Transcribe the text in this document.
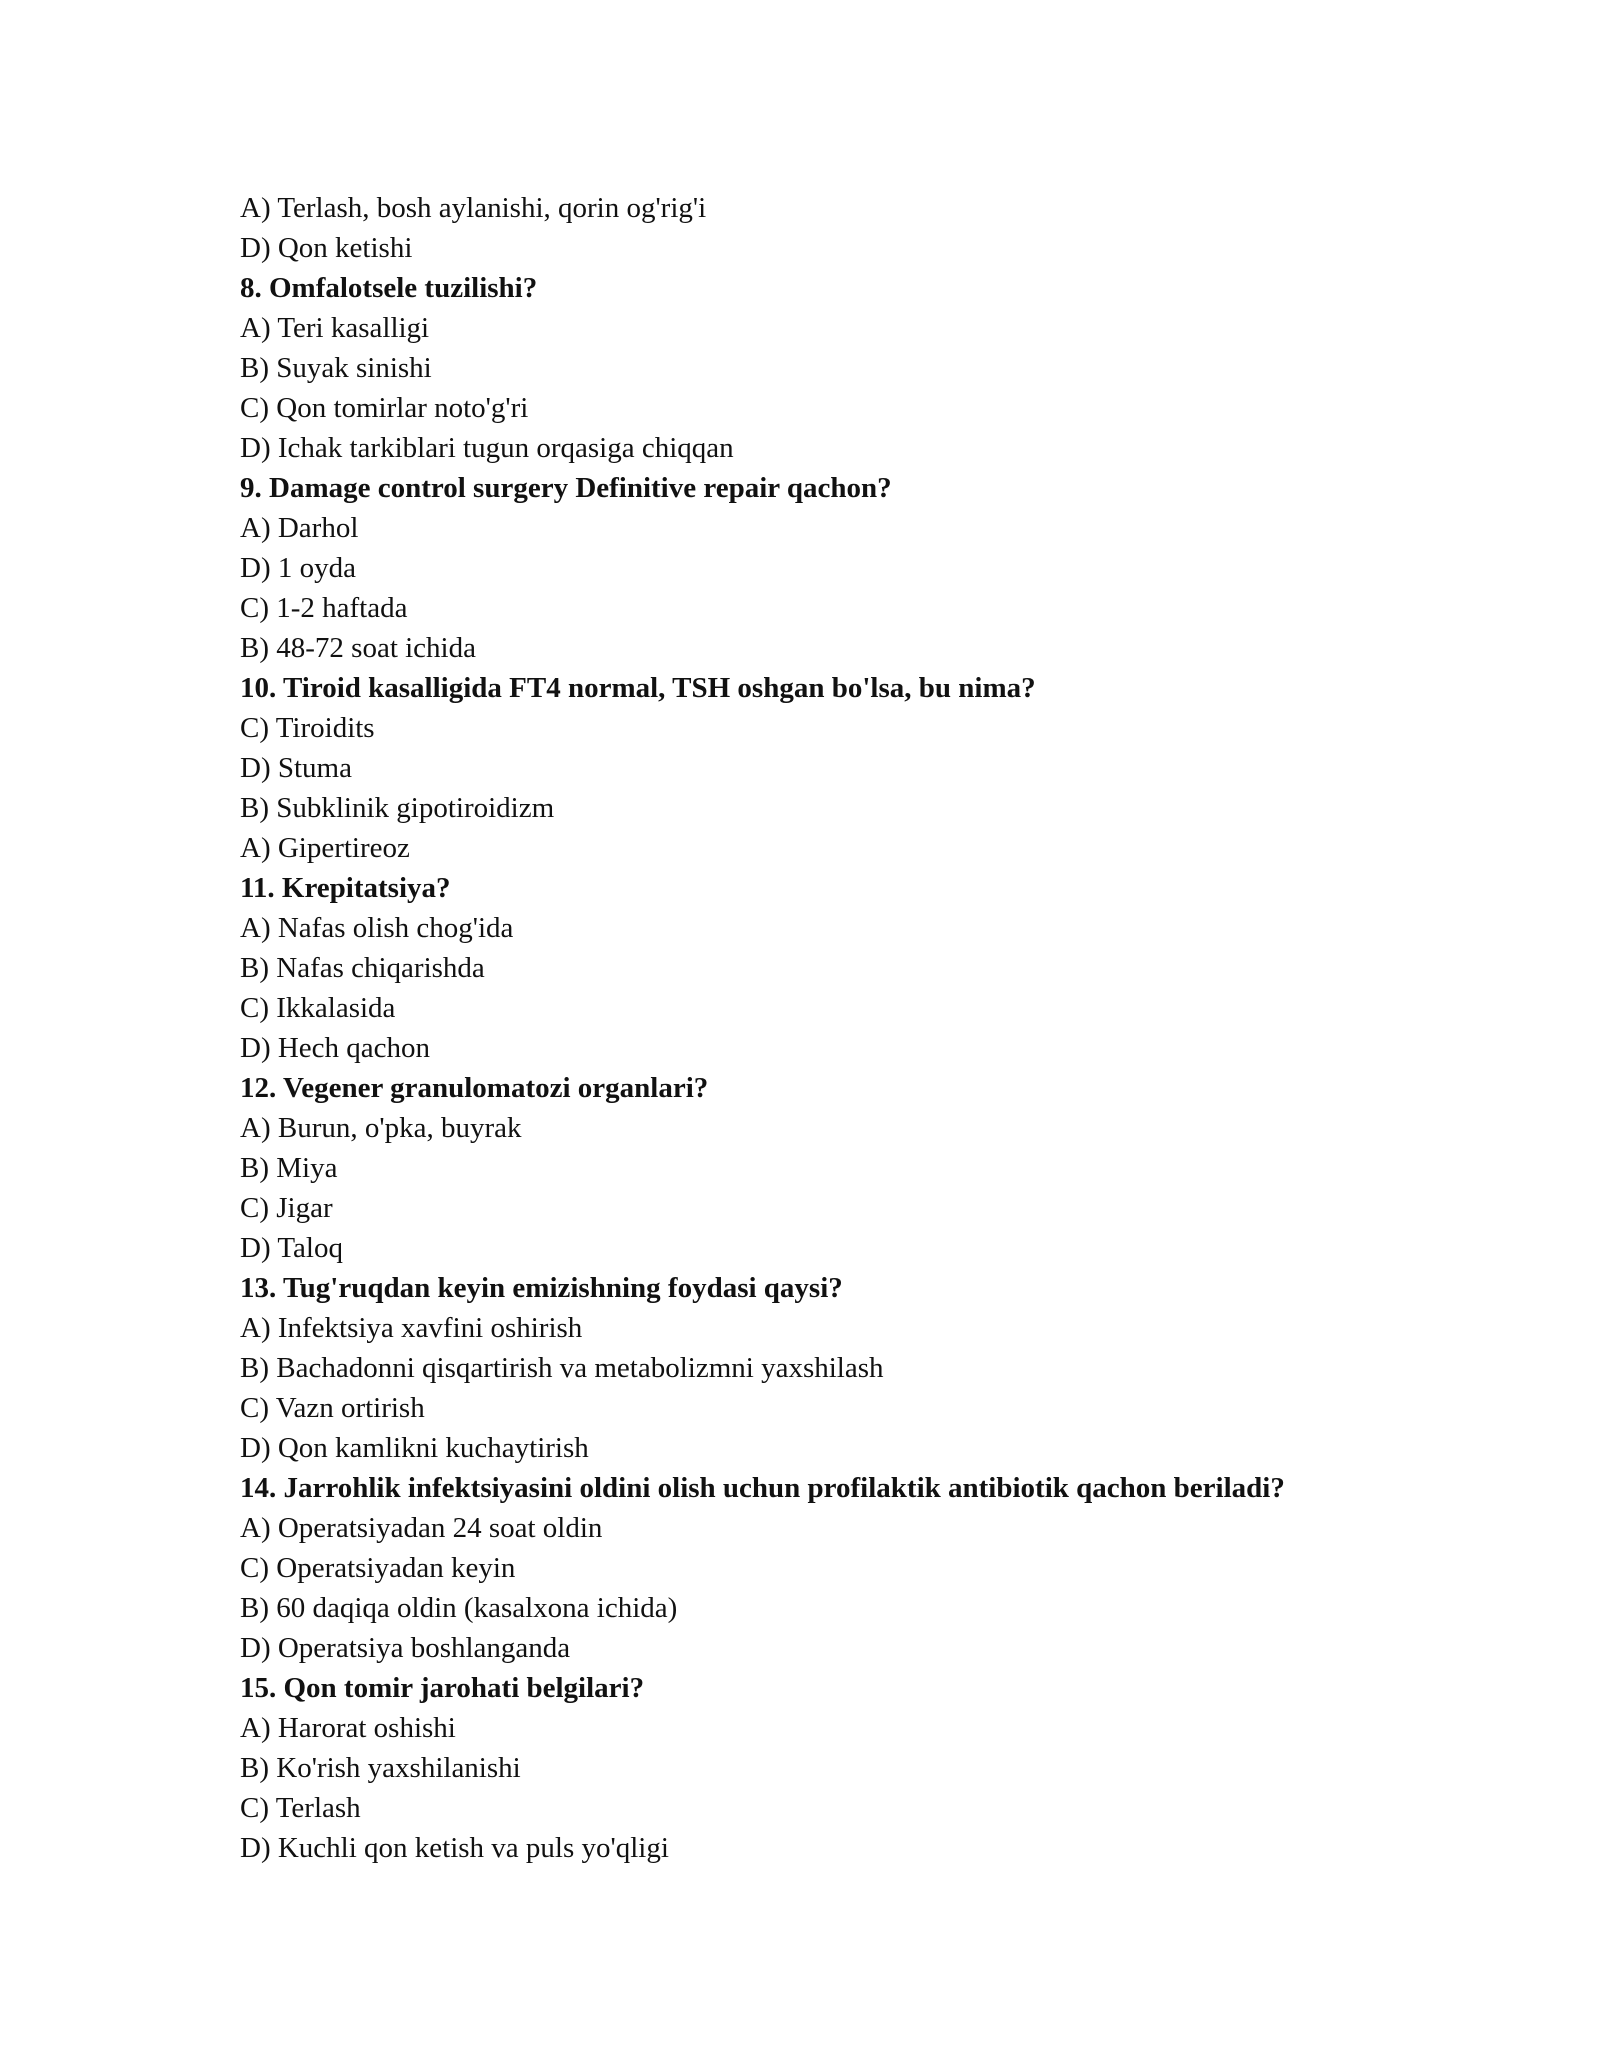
A) Terlash, bosh aylanishi, qorin og'rig'i
D) Qon ketishi
8. Omfalotsele tuzilishi?
A) Teri kasalligi
B) Suyak sinishi
C) Qon tomirlar noto'g'ri
D) Ichak tarkiblari tugun orqasiga chiqqan
9. Damage control surgery Definitive repair qachon?
A) Darhol
D) 1 oyda
C) 1-2 haftada
B) 48-72 soat ichida
10. Tiroid kasalligida FT4 normal, TSH oshgan bo'lsa, bu nima?
C) Tiroidits
D) Stuma
B) Subklinik gipotiroidizm
A) Gipertireoz
11. Krepitatsiya?
A) Nafas olish chog'ida
B) Nafas chiqarishda
C) Ikkalasida
D) Hech qachon
12. Vegener granulomatozi organlari?
A) Burun, o'pka, buyrak
B) Miya
C) Jigar
D) Taloq
13. Tug'ruqdan keyin emizishning foydasi qaysi?
A) Infektsiya xavfini oshirish
B) Bachadonni qisqartirish va metabolizmni yaxshilash
C) Vazn ortirish
D) Qon kamlikni kuchaytirish
14. Jarrohlik infektsiyasini oldini olish uchun profilaktik antibiotik qachon beriladi?
A) Operatsiyadan 24 soat oldin
C) Operatsiyadan keyin
B) 60 daqiqa oldin (kasalxona ichida)
D) Operatsiya boshlanganda
15. Qon tomir jarohati belgilari?
A) Harorat oshishi
B) Ko'rish yaxshilanishi
C) Terlash
D) Kuchli qon ketish va puls yo'qligi
